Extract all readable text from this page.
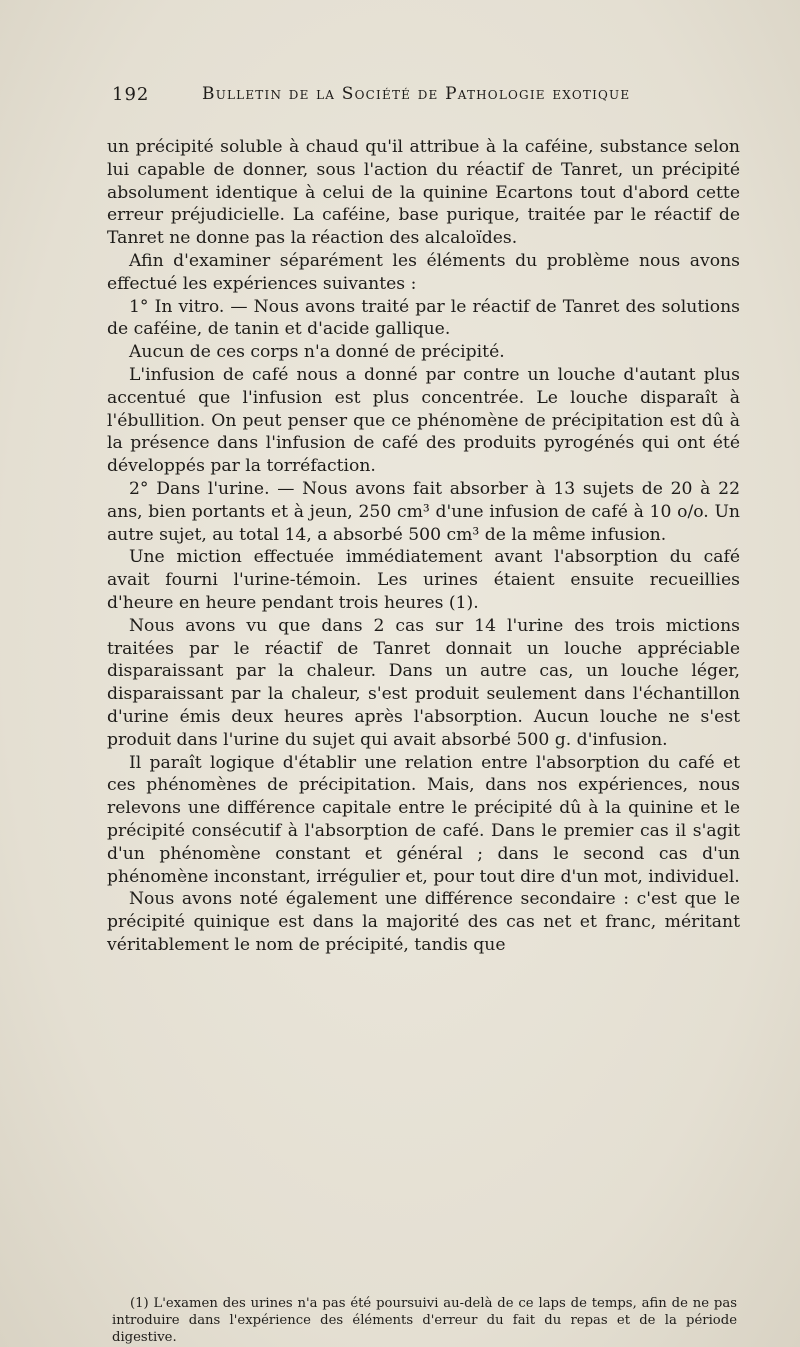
192	Bulletin de la Société de Pathologie exotique

un précipité soluble à chaud qu'il attribue à la caféine, substance selon lui capable de donner, sous l'action du réactif de Tanret, un précipité absolument identique à celui de la quinine Ecartons tout d'abord cette erreur préjudicielle. La caféine, base purique, traitée par le réactif de Tanret ne donne pas la réaction des alcaloïdes.

Afin d'examiner séparément les éléments du problème nous avons effectué les expériences suivantes :

1° In vitro. — Nous avons traité par le réactif de Tanret des solutions de caféine, de tanin et d'acide gallique.

Aucun de ces corps n'a donné de précipité.

L'infusion de café nous a donné par contre un louche d'autant plus accentué que l'infusion est plus concentrée. Le louche disparaît à l'ébullition. On peut penser que ce phénomène de précipitation est dû à la présence dans l'infusion de café des produits pyrogénés qui ont été développés par la torréfaction.

2° Dans l'urine. — Nous avons fait absorber à 13 sujets de 20 à 22 ans, bien portants et à jeun, 250 cm³ d'une infusion de café à 10 o/o. Un autre sujet, au total 14, a absorbé 500 cm³ de la même infusion.

Une miction effectuée immédiatement avant l'absorption du café avait fourni l'urine-témoin. Les urines étaient ensuite recueillies d'heure en heure pendant trois heures (1).

Nous avons vu que dans 2 cas sur 14 l'urine des trois mictions traitées par le réactif de Tanret donnait un louche appréciable disparaissant par la chaleur. Dans un autre cas, un louche léger, disparaissant par la chaleur, s'est produit seulement dans l'échantillon d'urine émis deux heures après l'absorption. Aucun louche ne s'est produit dans l'urine du sujet qui avait absorbé 500 g. d'infusion.

Il paraît logique d'établir une relation entre l'absorption du café et ces phénomènes de précipitation. Mais, dans nos expériences, nous relevons une différence capitale entre le précipité dû à la quinine et le précipité consécutif à l'absorption de café. Dans le premier cas il s'agit d'un phénomène constant et général ; dans le second cas d'un phénomène inconstant, irrégulier et, pour tout dire d'un mot, individuel.

Nous avons noté également une différence secondaire : c'est que le précipité quinique est dans la majorité des cas net et franc, méritant véritablement le nom de précipité, tandis que

(1) L'examen des urines n'a pas été poursuivi au-delà de ce laps de temps, afin de ne pas introduire dans l'expérience des éléments d'erreur du fait du repas et de la période digestive.
